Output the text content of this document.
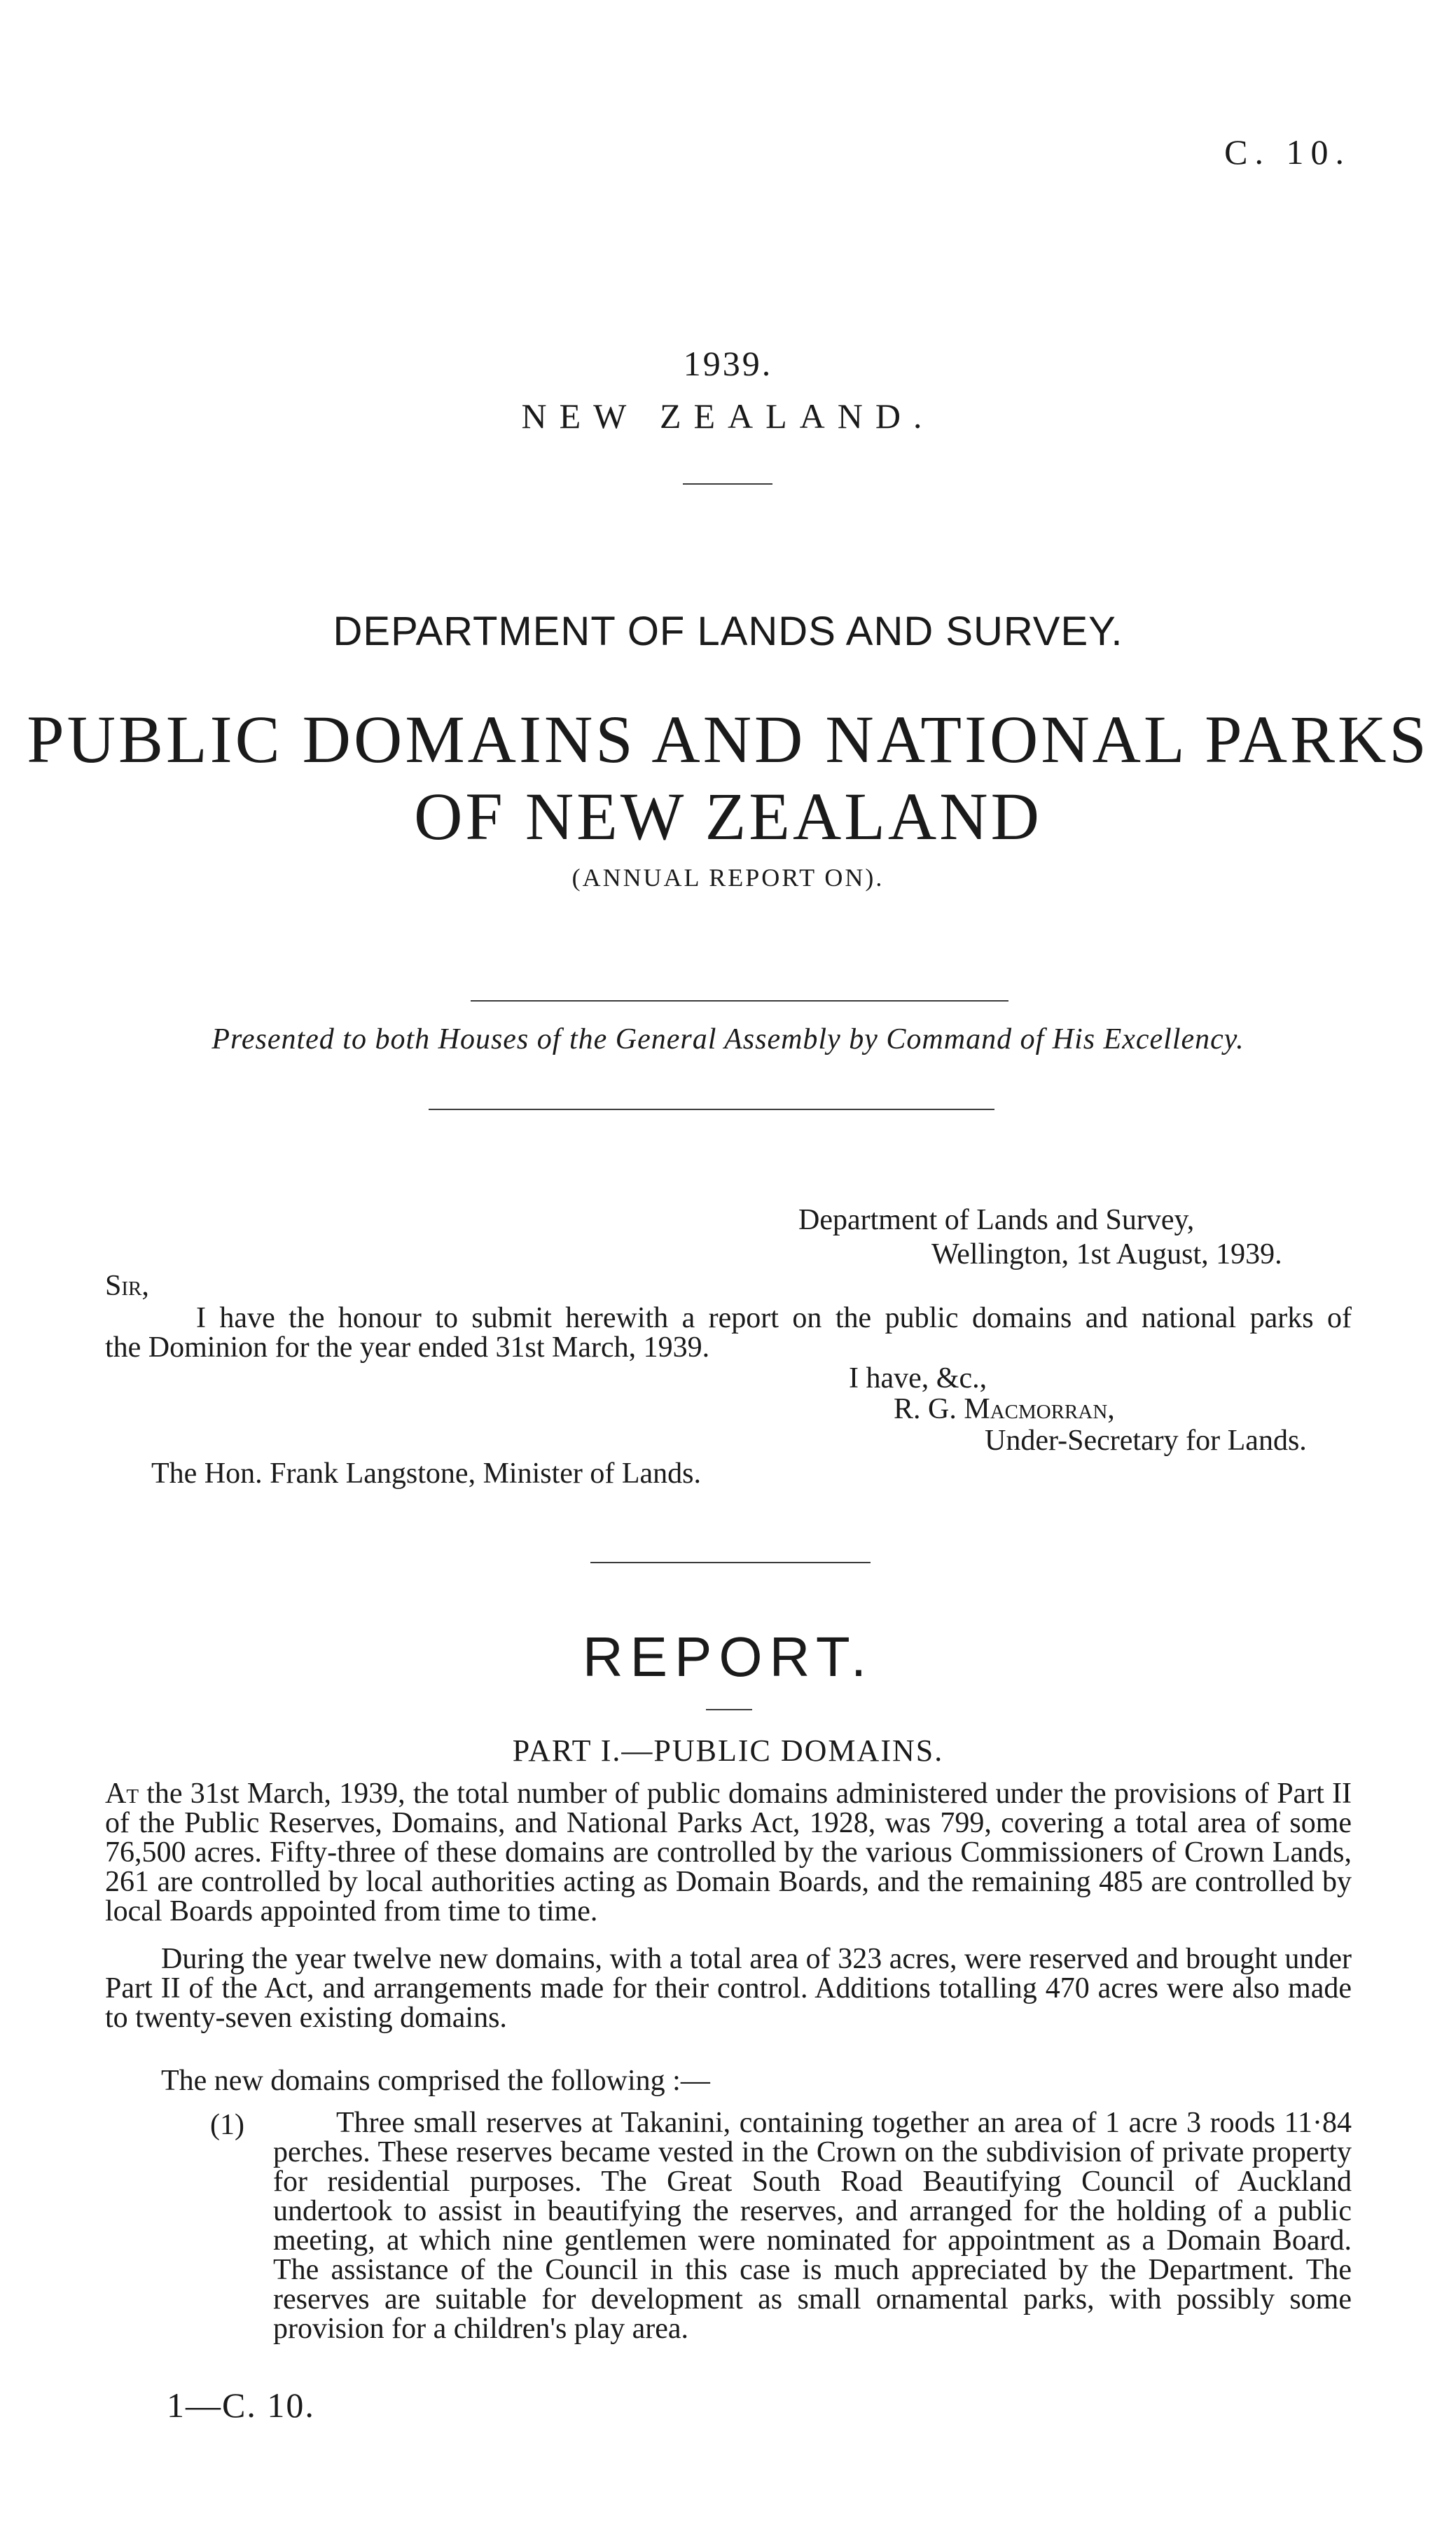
C. 10.
1939.
NEW ZEALAND.
DEPARTMENT OF LANDS AND SURVEY.
PUBLIC DOMAINS AND NATIONAL PARKS
OF NEW ZEALAND
(ANNUAL REPORT ON).
Presented to both Houses of the General Assembly by Command of His Excellency.
Department of Lands and Survey,
Wellington, 1st August, 1939.
Sir,
I have the honour to submit herewith a report on the public domains and national parks of
the Dominion for the year ended 31st March, 1939.
I have, &c.,
R. G. Macmorran,
Under-Secretary for Lands.
The Hon. Frank Langstone, Minister of Lands.
REPORT.
PART I.—PUBLIC DOMAINS.
At the 31st March, 1939, the total number of public domains administered under the provisions of Part II of the Public Reserves, Domains, and National Parks Act, 1928, was 799, covering a total area of some 76,500 acres. Fifty-three of these domains are controlled by the various Commissioners of Crown Lands, 261 are controlled by local authorities acting as Domain Boards, and the remaining 485 are controlled by local Boards appointed from time to time.
During the year twelve new domains, with a total area of 323 acres, were reserved and brought under Part II of the Act, and arrangements made for their control. Additions totalling 470 acres were also made to twenty-seven existing domains.
The new domains comprised the following :—
(1)	Three small reserves at Takanini, containing together an area of 1 acre 3 roods 11·84 perches. These reserves became vested in the Crown on the subdivision of private property for residential purposes. The Great South Road Beautifying Council of Auckland undertook to assist in beautifying the reserves, and arranged for the holding of a public meeting, at which nine gentlemen were nominated for appointment as a Domain Board. The assistance of the Council in this case is much appreciated by the Department. The reserves are suitable for development as small ornamental parks, with possibly some provision for a children's play area.
1—C. 10.
